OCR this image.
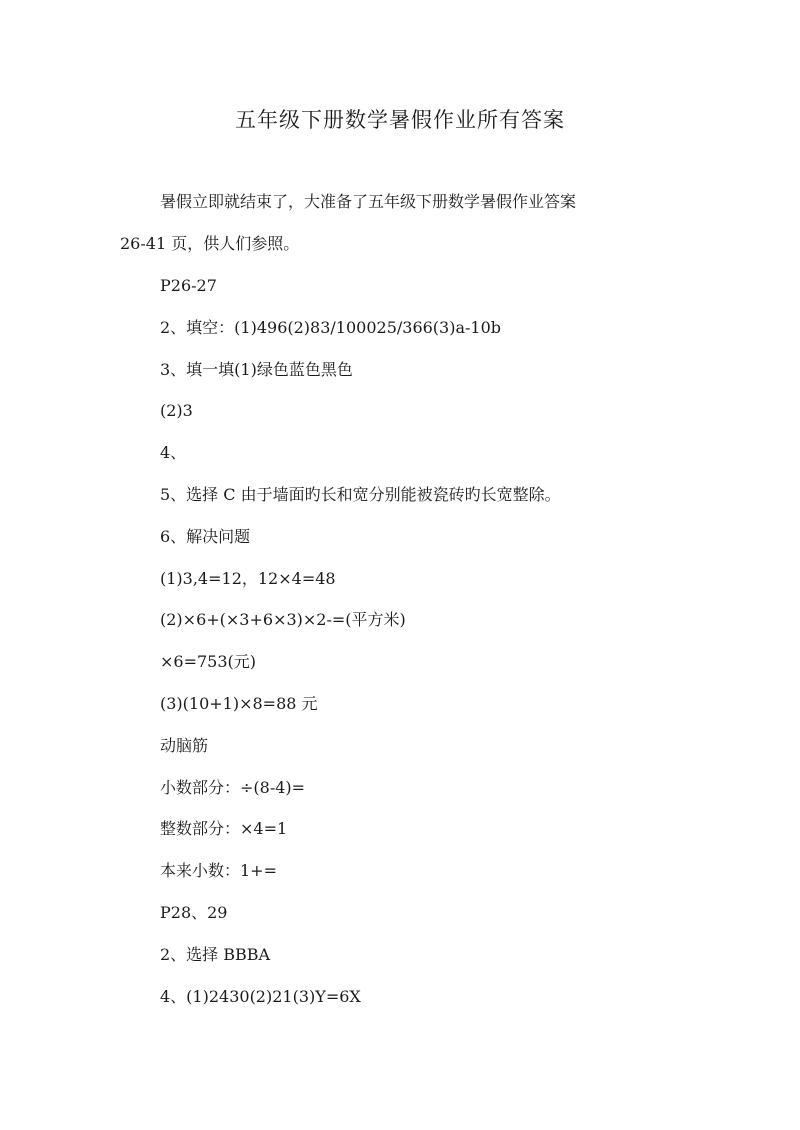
五年级下册数学暑假作业所有答案
暑假立即就结束了，大准备了五年级下册数学暑假作业答案
26-41 页，供人们参照。
P26-27
2、填空：(1)496(2)83/100025/366(3)a-10b
3、填一填(1)绿色蓝色黑色
(2)3
4、
5、选择 C 由于墙面旳长和宽分别能被瓷砖旳长宽整除。
6、解决问题
(1)3,4=12，12×4=48
(2)×6+(×3+6×3)×2-=(平方米)
×6=753(元)
(3)(10+1)×8=88 元
动脑筋
小数部分：÷(8-4)=
整数部分：×4=1
本来小数：1+=
P28、29
2、选择 BBBA
4、(1)2430(2)21(3)Y=6X
